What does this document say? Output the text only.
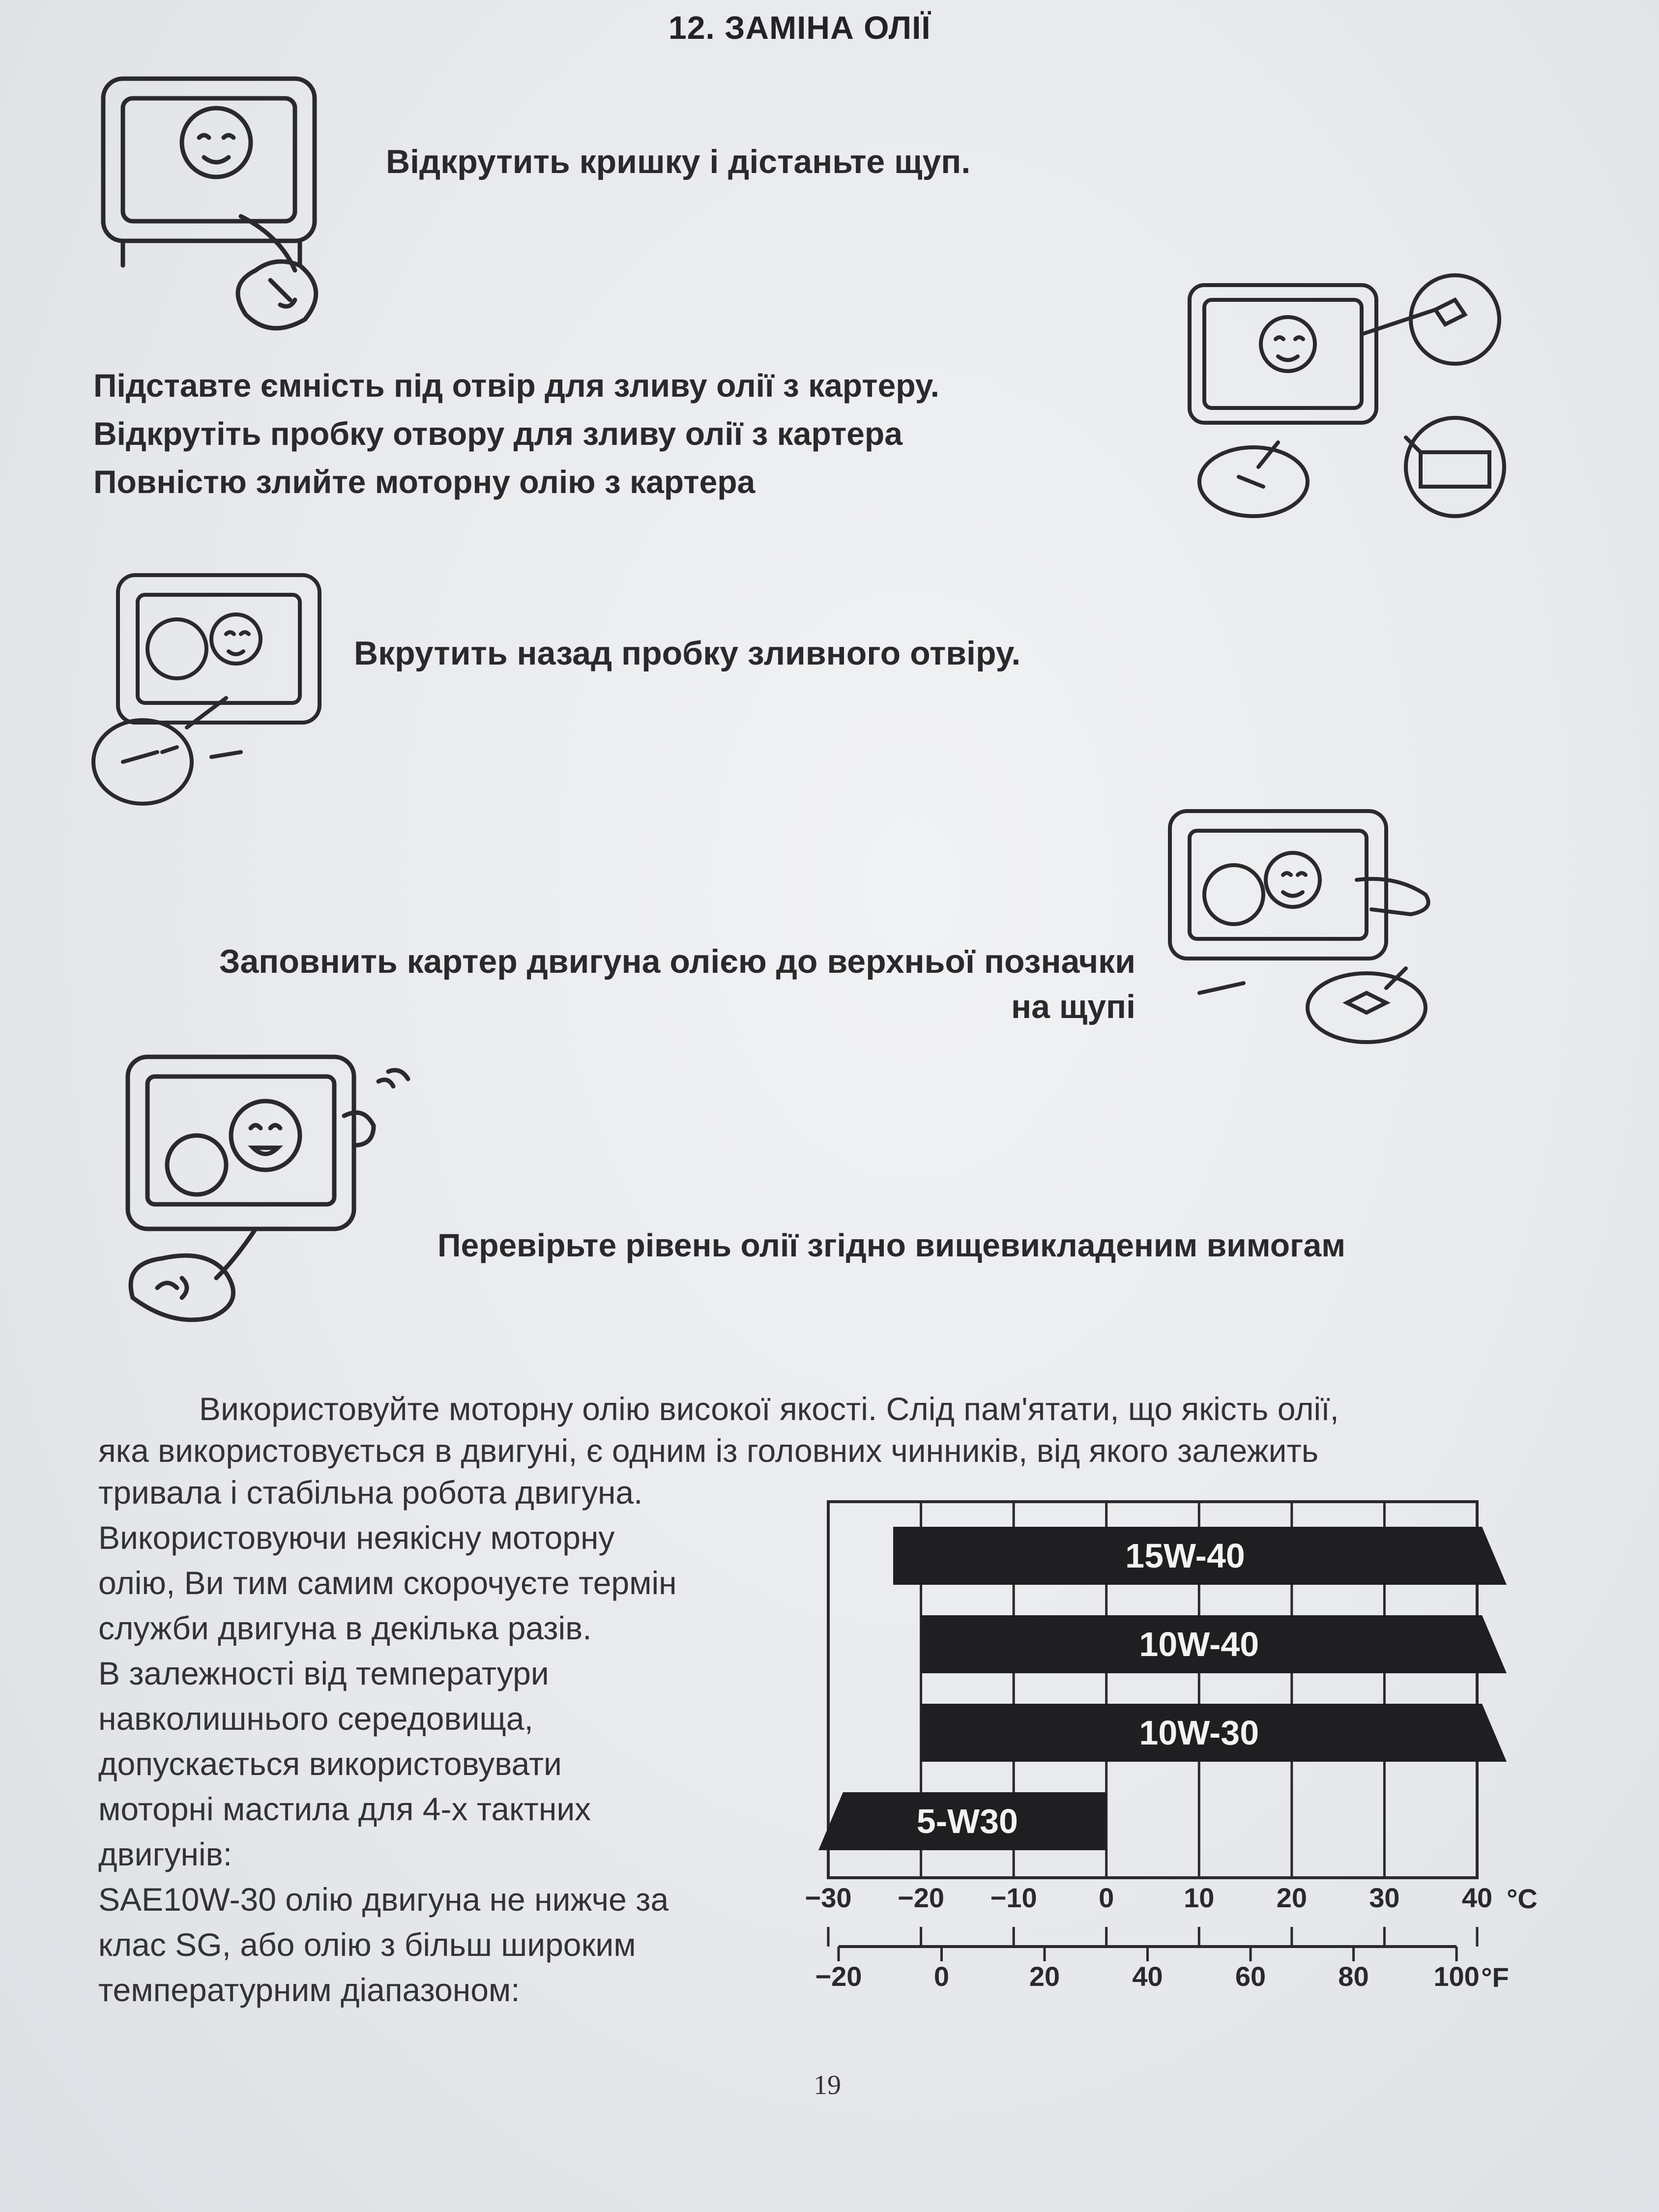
12. ЗАМІНА ОЛІЇ
Відкрутить кришку і дістаньте щуп.
Підставте ємність під отвір для зливу олії з картеру.
Відкрутіть пробку отвору для зливу олії з картера
Повністю злийте моторну олію з картера
Вкрутить назад пробку зливного отвіру.
Заповнить картер двигуна олією до верхньої позначки
на щупі
Перевірьте рівень олії згідно вищевикладеним вимогам
Використовуйте моторну олію високої якості. Слід пам'ятати, що якість олії,
яка використовується в двигуні, є одним із головних чинників, від якого залежить
тривала і стабільна робота двигуна.
Використовуючи неякісну моторну
олію, Ви тим самим скорочуєте термін
служби двигуна в декілька разів.
В залежності від температури
навколишнього середовища,
допускається використовувати
моторні мастила для 4-х тактних
двигунів:
SAE10W-30 олію двигуна не нижче за
клас SG, або олію з більш широким
температурним діапазоном:
15W-40
10W-40
10W-30
5-W30
−30 −20 −10 0	10 20 30 40 °C
−20	0	20	40	60	80 100 °F
19
